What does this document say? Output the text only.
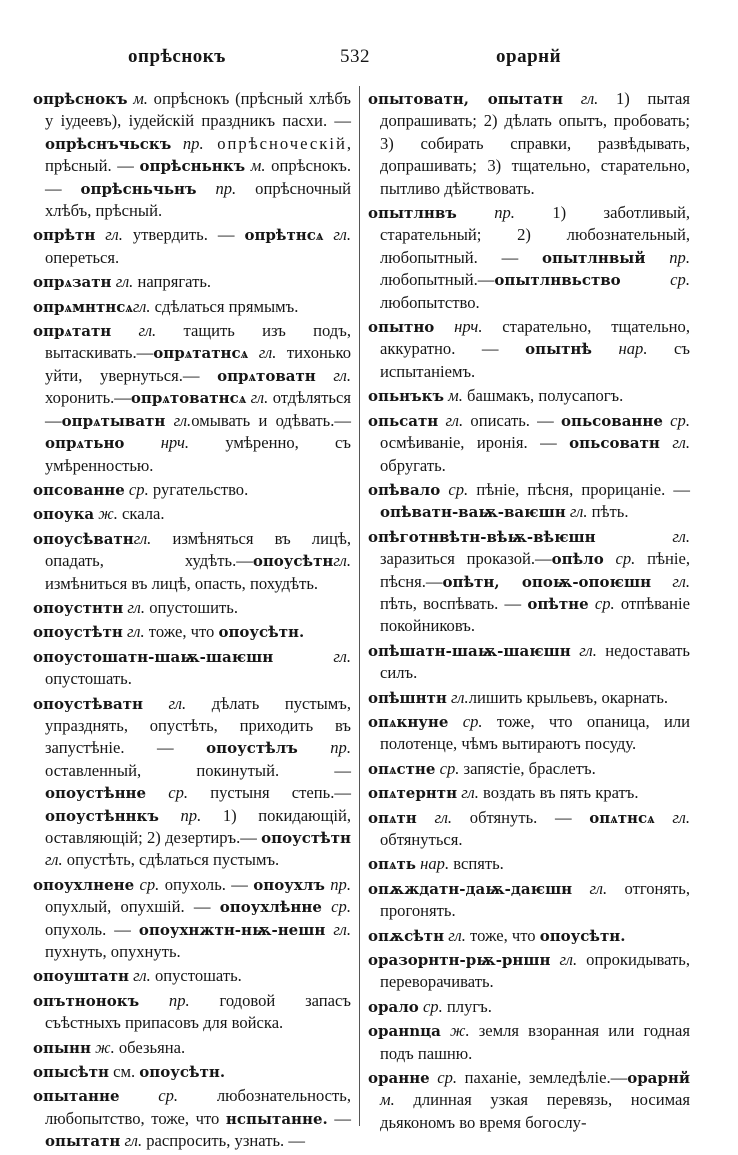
опрѣснокъ	532	орарнй

опрѣснокъ м. опрѣснокъ (прѣсный хлѣбъ у іудеевъ), іудейскій праздникъ пасхи. — опрѣснъчьскъ пр. опрѣсноческій, прѣсный. — опрѣсньнкъ м. опрѣснокъ. — опрѣсньчьнъ пр. опрѣсночный хлѣбъ, прѣсный.

опрѣтн гл. утвердить. — опрѣтнсѧ гл. опереться.

опрѧзатн гл. напрягать.

опрѧмнтнсѧгл. сдѣлаться прямымъ.

опрѧтатн гл. тащить изъ подъ, вытаскивать.—опрѧтатнсѧ гл. тихонько уйти, увернуться.— опрѧтоватн гл. хоронить.—опрѧтоватнсѧ гл. отдѣляться—опрѧтыватн гл.омывать и одѣвать.—опрѧтьно нрч. умѣренно, съ умѣренностью.

опсованне ср. ругательство.

опоука ж. скала.

опоусѣватнгл. измѣняться въ лицѣ, опадать, худѣть.—опоусѣтнгл. измѣниться въ лицѣ, опасть, похудѣть.

опоустнтн гл. опустошить.

опоустѣтн гл. тоже, что опоусѣтн.

опоустошатн-шаѭ-шаѥшн гл. опустошать.

опоустѣватн гл. дѣлать пустымъ, упразднять, опустѣть, приходить въ запустѣніе. — опоустѣлъ пр. оставленный, покинутый. — опоустѣнне ср. пустыня степь.— опоустѣннкъ пр. 1) покидающій, оставляющій; 2) дезертиръ.— опоустѣтн гл. опустѣть, сдѣлаться пустымъ.

опоухлнене ср. опухоль. — опоухлъ пр. опухлый, опухшій. — опоухлѣнне ср. опухоль. — опоухнжтн-нѭ-нешн гл. пухнуть, опухнуть.

опоуштатн гл. опустошать.

опътнонокъ пр. годовой запасъ съѣстныхъ припасовъ для войска.

опынн ж. обезьяна.

опысѣтн см. опоусѣтн.

опытанне ср. любознательность, любопытство, тоже, что нспытанне. — опытатн гл. распросить, узнать. —

опытоватн, опытатн гл. 1) пытая допрашивать; 2) дѣлать опытъ, пробовать; 3) собирать справки, развѣдывать, допрашивать; 3) тщательно, старательно, пытливо дѣйствовать.

опытлнвъ пр. 1) заботливый, старательный; 2) любознательный, любопытный. — опытлнвый пр. любопытный.—опытлнвьство ср. любопытство.

опытно нрч. старательно, тщательно, аккуратно. — опытнѣ нар. съ испытаніемъ.

опьнъкъ м. башмакъ, полусапогъ.

опьсатн гл. описать. — опьсованне ср. осмѣиваніе, иронія. — опьсоватн гл. обругать.

опѣвало ср. пѣніе, пѣсня, прорицаніе. — опѣватн-ваѭ-ваѥшн гл. пѣть.

опѣготнвѣтн-вѣѭ-вѣѥшн гл. заразиться проказой.—опѣло ср. пѣніе, пѣсня.—опѣтн, опоѭ-опоѥшн гл. пѣть, воспѣвать. — опѣтне ср. отпѣваніе покойниковъ.

опѣшатн-шаѭ-шаѥшн гл. недоставать силъ.

опѣшнтн гл.лишить крыльевъ, окарнать.

опѧкнуне ср. тоже, что опаница, или полотенце, чѣмъ вытираютъ посуду.

опѧстне ср. запястіе, браслетъ.

опѧтернтн гл. воздать въ пять кратъ.

опѧтн гл. обтянуть. — опѧтнсѧ гл. обтянуться.

опѧть нар. вспять.

опѫждатн-даѭ-даѥшн гл. отгонять, прогонять.

опѫсѣтн гл. тоже, что опоусѣтн.

оразорнтн-рѭ-рншн гл. опрокидывать, переворачивать.

орало ср. плугъ.

оранnца ж. земля взоранная или годная подъ пашню.

оранне ср. паханіе, земледѣліе.—орарнй м. длинная узкая перевязь, носимая дьякономъ во время богослу-
